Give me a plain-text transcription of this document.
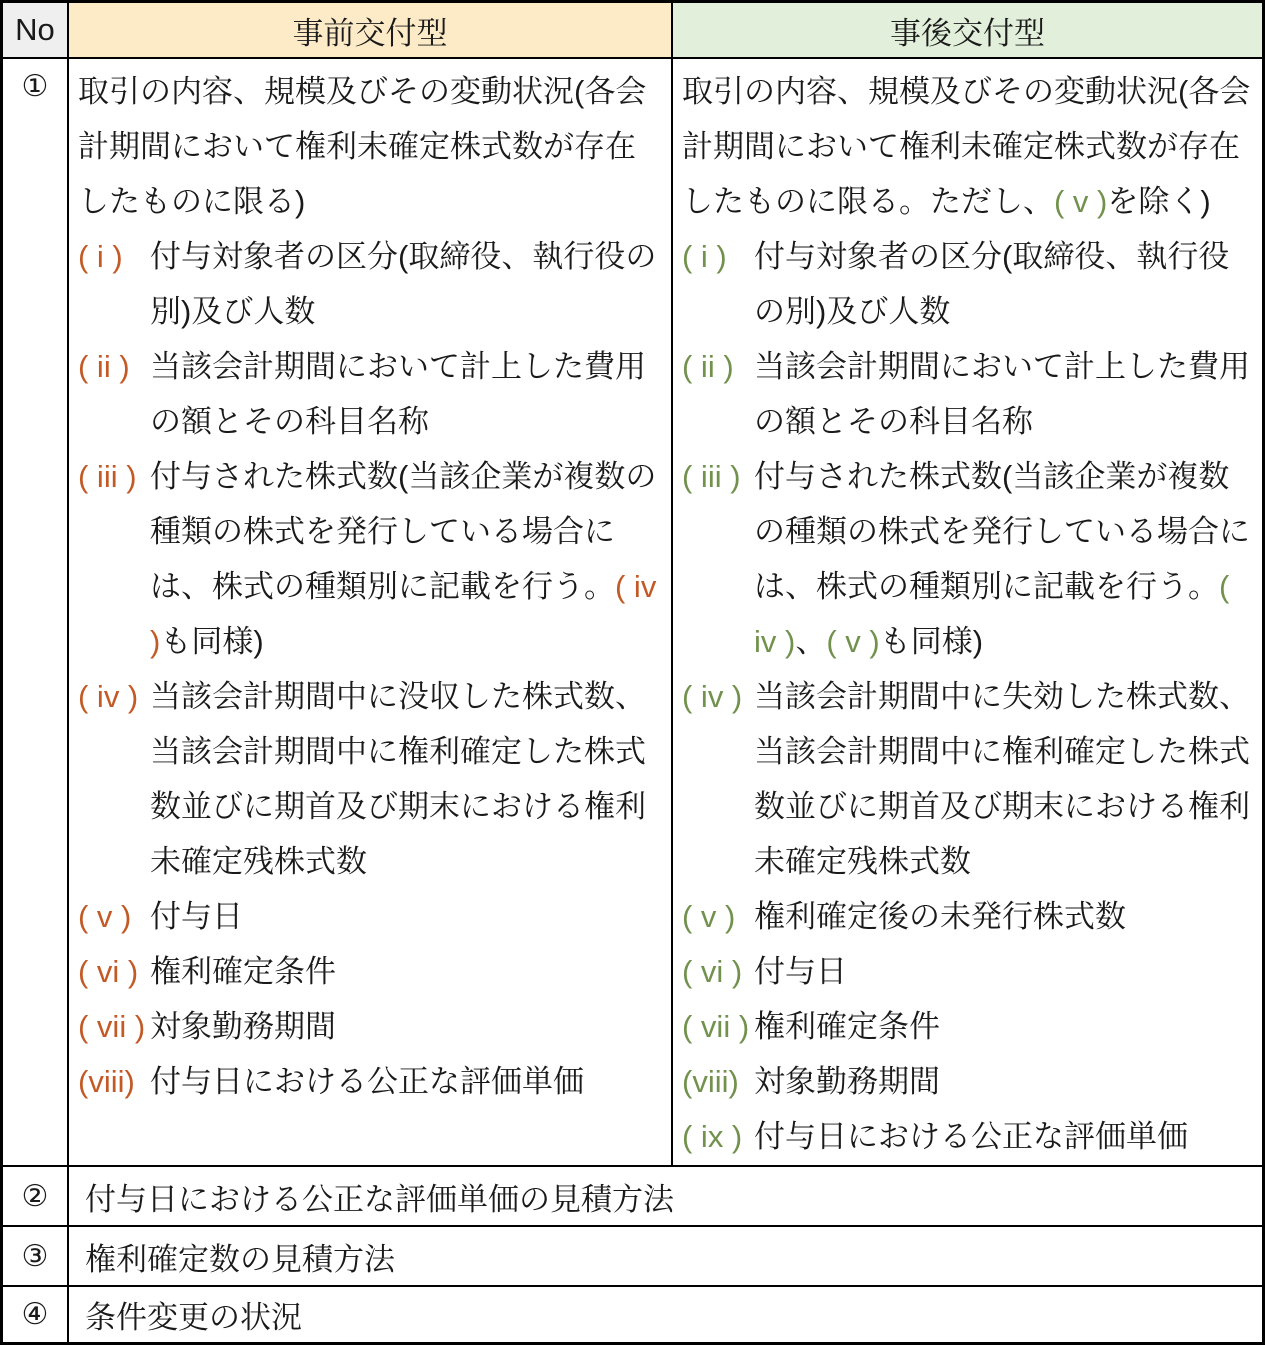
No	事前交付型	事後交付型
① 取引の内容、規模及びその変動状況(各会計期間において権利未確定株式数が存在したものに限る)
( i ) 付与対象者の区分(取締役、執行役の別)及び人数
( ii ) 当該会計期間において計上した費用の額とその科目名称
( iii ) 付与された株式数(当該企業が複数の種類の株式を発行している場合には、株式の種類別に記載を行う。( iv )も同様)
( iv ) 当該会計期間中に没収した株式数、当該会計期間中に権利確定した株式数並びに期首及び期末における権利未確定残株式数
( v ) 付与日
( vi ) 権利確定条件
( vii ) 対象勤務期間
(viii) 付与日における公正な評価単価
取引の内容、規模及びその変動状況(各会計期間において権利未確定株式数が存在したものに限る。ただし、( v )を除く)
( i ) 付与対象者の区分(取締役、執行役の別)及び人数
( ii ) 当該会計期間において計上した費用の額とその科目名称
( iii ) 付与された株式数(当該企業が複数の種類の株式を発行している場合には、株式の種類別に記載を行う。( iv )、( v )も同様)
( iv ) 当該会計期間中に失効した株式数、当該会計期間中に権利確定した株式数並びに期首及び期末における権利未確定残株式数
( v ) 権利確定後の未発行株式数
( vi ) 付与日
( vii ) 権利確定条件
(viii) 対象勤務期間
( ix ) 付与日における公正な評価単価
② 付与日における公正な評価単価の見積方法
③ 権利確定数の見積方法
④ 条件変更の状況
